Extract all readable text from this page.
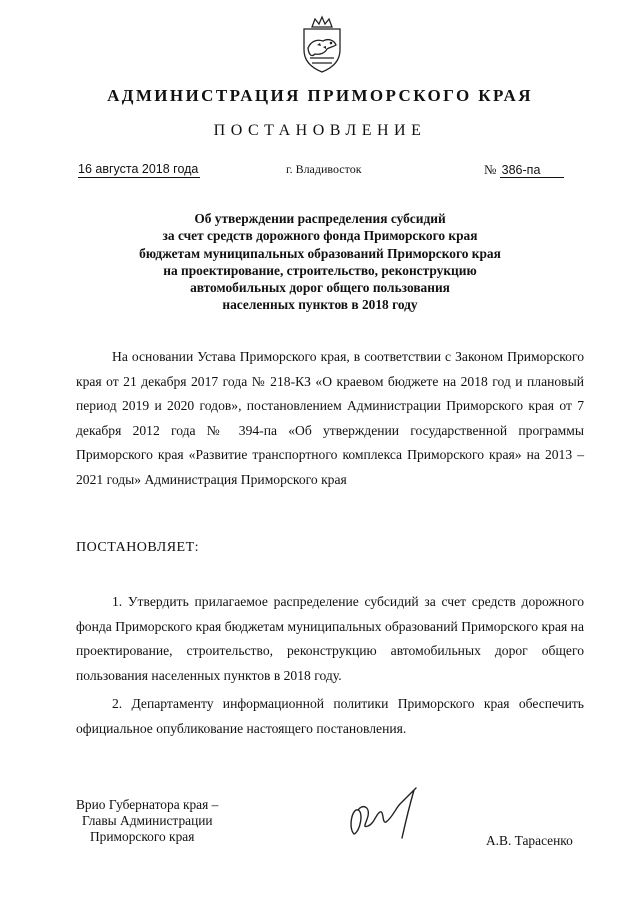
АДМИНИСТРАЦИЯ ПРИМОРСКОГО КРАЯ
ПОСТАНОВЛЕНИЕ
16 августа 2018 года	г. Владивосток	№ 386-па
Об утверждении распределения субсидий
за счет средств дорожного фонда Приморского края
бюджетам муниципальных образований Приморского края
на проектирование, строительство, реконструкцию
автомобильных дорог общего пользования
населенных пунктов в 2018 году
На основании Устава Приморского края, в соответствии с Законом Приморского края от 21 декабря 2017 года № 218-КЗ «О краевом бюджете на 2018 год и плановый период 2019 и 2020 годов», постановлением Администрации Приморского края от 7 декабря 2012 года № 394-па «Об утверждении государственной программы Приморского края «Развитие транспортного комплекса Приморского края» на 2013 – 2021 годы» Администрация Приморского края
ПОСТАНОВЛЯЕТ:
1. Утвердить прилагаемое распределение субсидий за счет средств дорожного фонда Приморского края бюджетам муниципальных образований Приморского края на проектирование, строительство, реконструкцию автомобильных дорог общего пользования населенных пунктов в 2018 году.
2. Департаменту информационной политики Приморского края обеспечить официальное опубликование настоящего постановления.
Врио Губернатора края –
Главы Администрации
Приморского края	А.В. Тарасенко
